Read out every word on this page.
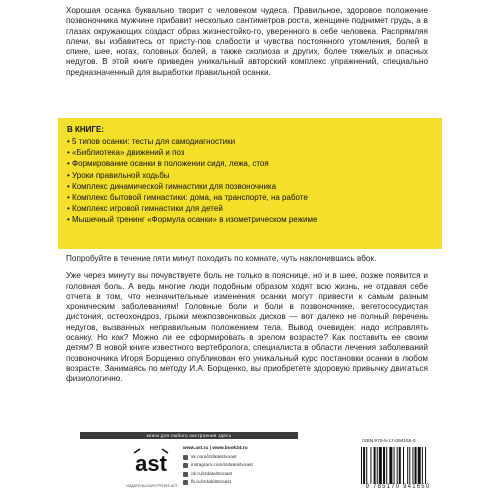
Хорошая осанка буквально творит с человеком чудеса. Правильное, здоровое положение позвоночника мужчине прибавит несколько сантиметров роста, женщине поднимет грудь, а в глазах окружающих создаст образ жизнестойко-го, уверенного в себе человека. Распрямляя плечи, вы избавитесь от присту-пов слабости и чувства постоянного утомления, болей в спине, шее, ногах, головных болей, а также сколиоза и других, более тяжелых и опасных недугов. В этой книге приведен уникальный авторский комплекс упражнений, специально предназначенный для выработки правильной осанки.
В КНИГЕ:
• 5 типов осанки: тесты для самодиагностики
• «Библиотека» движений и поз
• Формирование осанки в положении сидя, лежа, стоя
• Уроки правильной ходьбы
• Комплекс динамической гимнастики для позвоночника
• Комплекс бытовой гимнастики: дома, на транспорте, на работе
• Комплекс игровой гимнастики для детей
• Мышечный тренинг «Формула осанки» в изометрическом режиме

Попробуйте в течение пяти минут походить по комнате, чуть наклонившись вбок.

Уже через минуту вы почувствуете боль не только в пояснице, но и в шее, позже появится и головная боль. А ведь многие люди подобным образом ходят всю жизнь, не отдавая себе отчета в том, что незначительные изменения осанки могут привести к самым разным хроническим заболеваниям! Головные боли и боли в позвоночнике, вегетососудистая дистония, остеохондроз, грыжи межпозвонковых дисков — вот далеко не полный перечень недугов, вызванных неправильным положением тела. Вывод очевиден: надо исправлять осанку. Но как? Можно ли ее сформировать в зрелом возрасте? Как поставить ее своим детям? В новой книге известного вертебролога, специалиста в области лечения заболеваний позвоночника Игоря Борщенко опубликован его уникальный курс постановки осанки в любом возрасте. Занимаясь по методу И.А. Борщенко, вы приобретете здоровую привычку двигаться физиологично.

книги для любого настроения здесь
ast
ИЗДАТЕЛЬСКАЯ ГРУППА АСТ
www.ast.ru | www.book24.ru
vk.com/izdatelstvoast
instagram.com/izdatelstvoast
ok.ru/izdatelstvoast
fb.ru/izdatelstvoast
ISBN 978-5-17-094165-0
9 785170 941650
